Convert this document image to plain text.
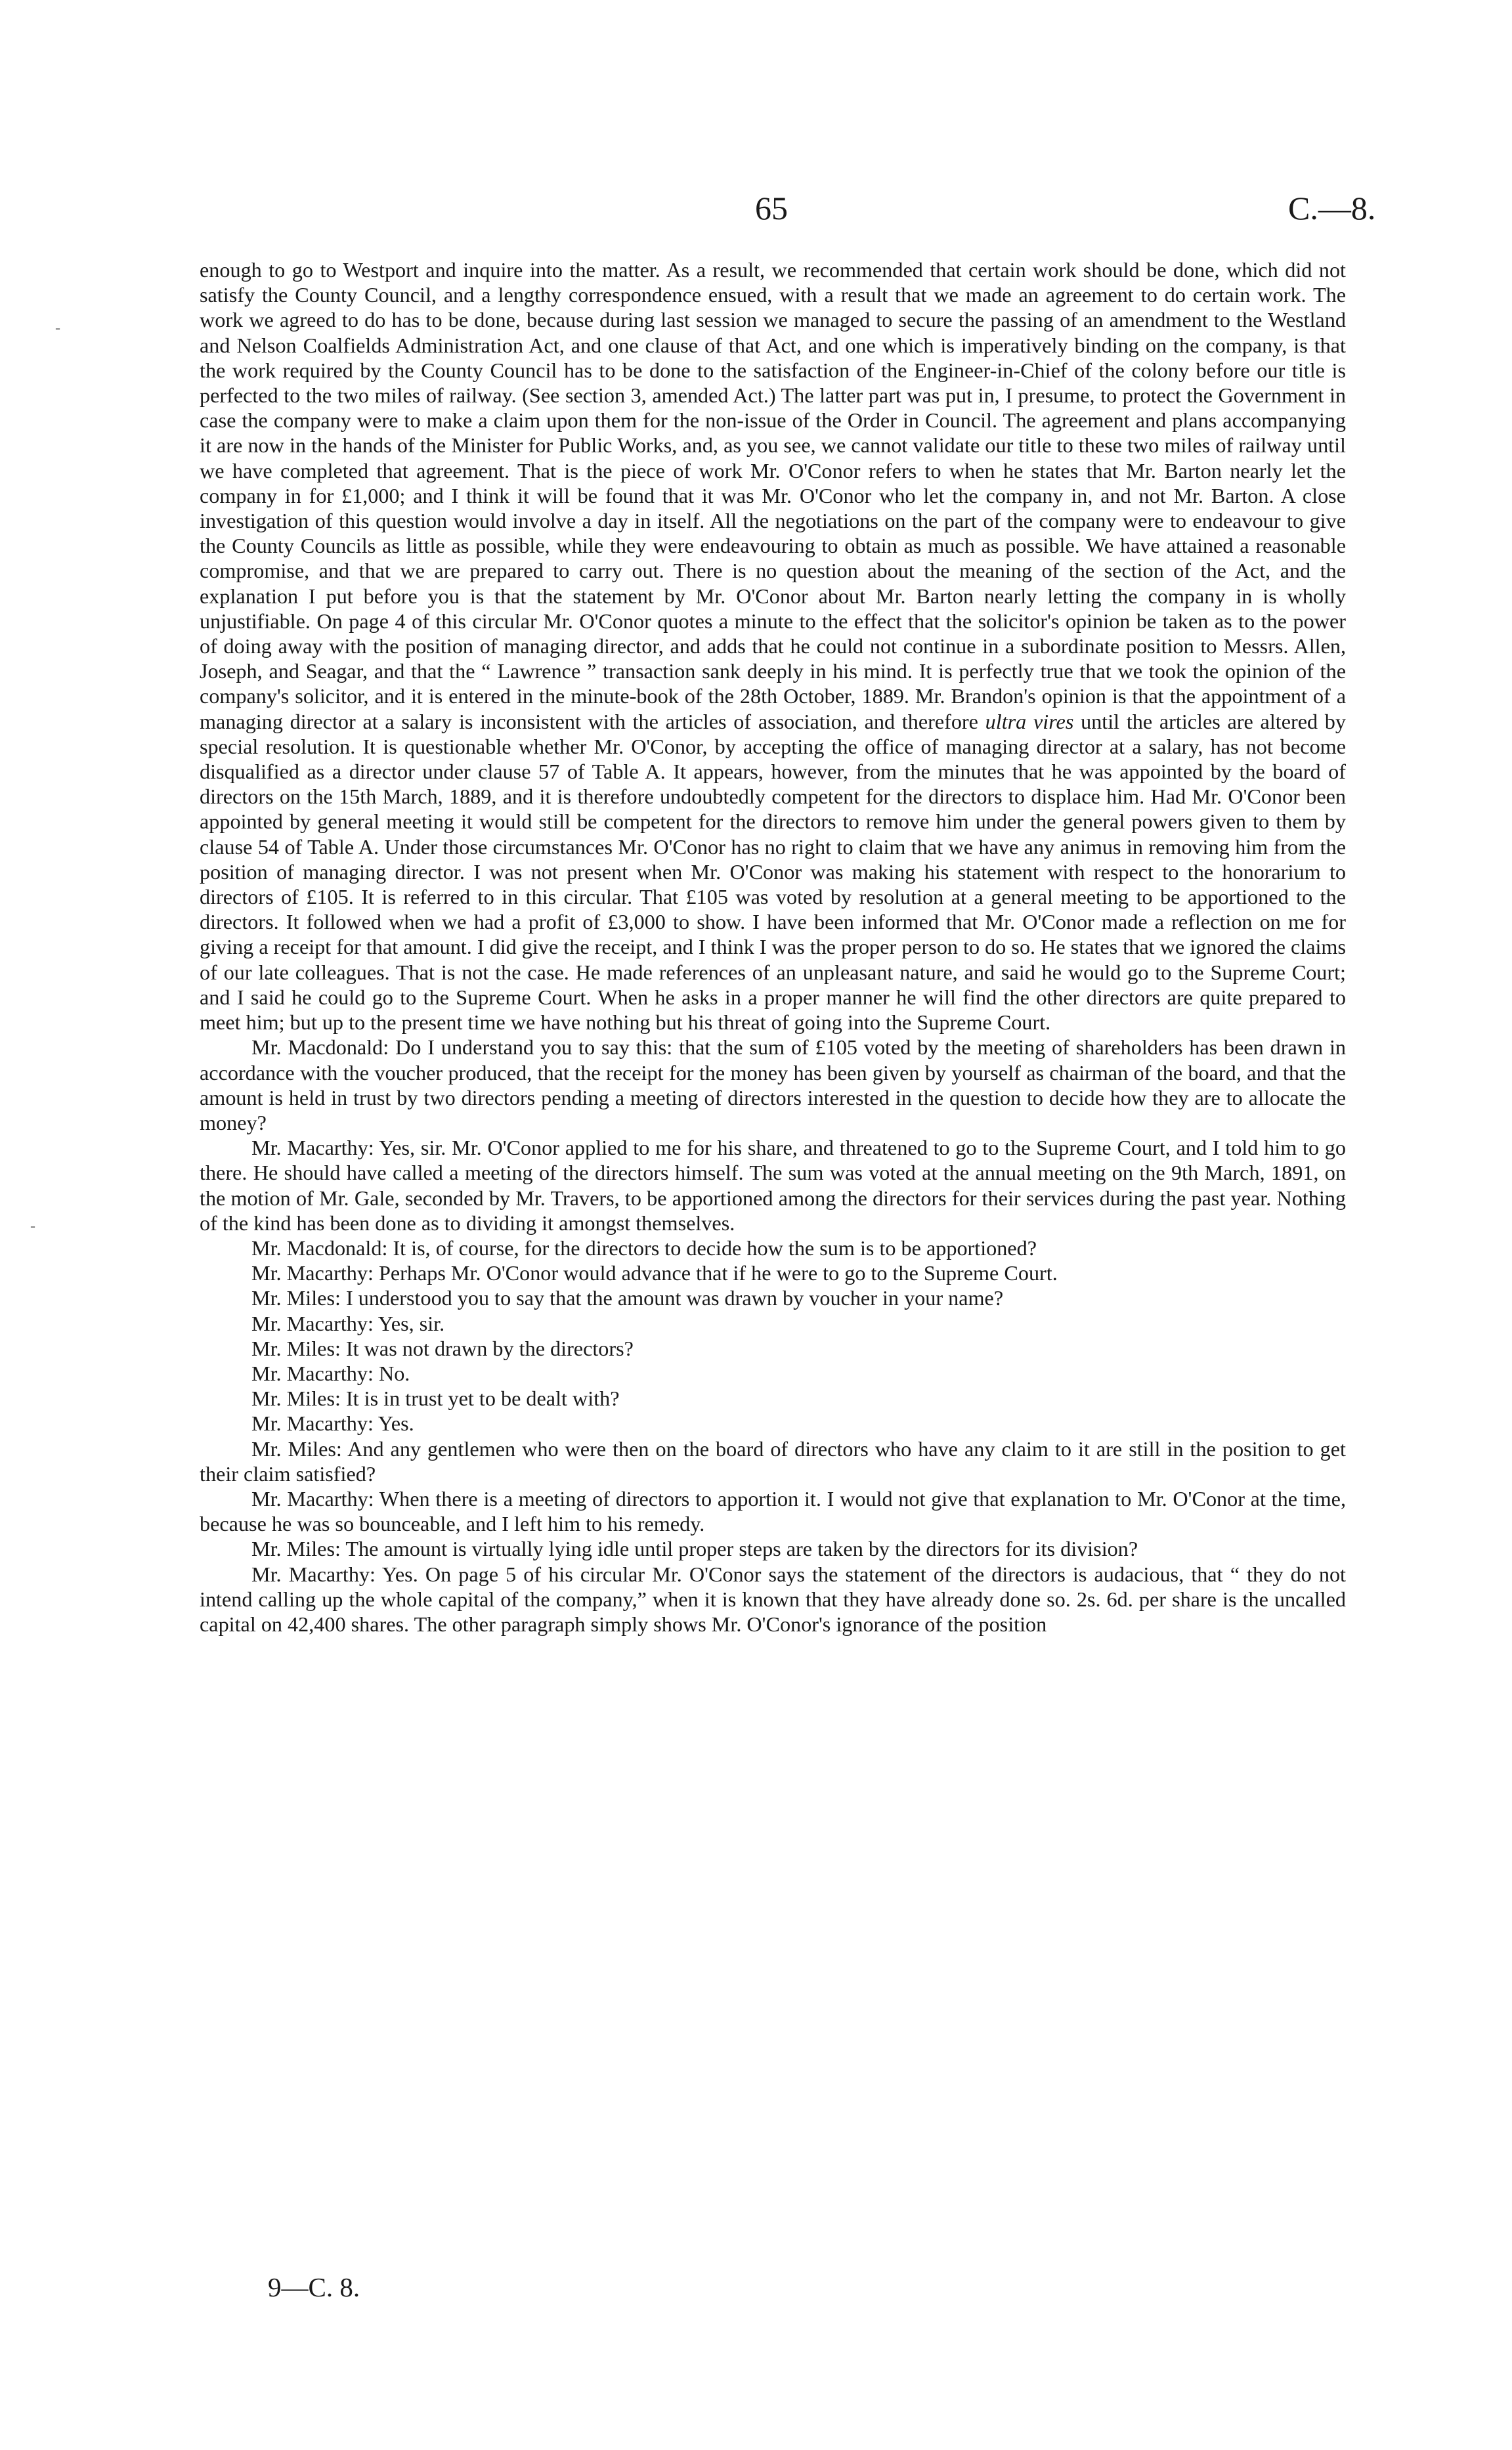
65	C.—8.

enough to go to Westport and inquire into the matter. As a result, we recommended that certain work should be done, which did not satisfy the County Council, and a lengthy correspondence ensued, with a result that we made an agreement to do certain work. The work we agreed to do has to be done, because during last session we managed to secure the passing of an amendment to the Westland and Nelson Coalfields Administration Act, and one clause of that Act, and one which is imperatively binding on the company, is that the work required by the County Council has to be done to the satisfaction of the Engineer-in-Chief of the colony before our title is perfected to the two miles of railway. (See section 3, amended Act.) The latter part was put in, I presume, to protect the Government in case the company were to make a claim upon them for the non-issue of the Order in Council. The agreement and plans accompanying it are now in the hands of the Minister for Public Works, and, as you see, we cannot validate our title to these two miles of railway until we have completed that agreement. That is the piece of work Mr. O'Conor refers to when he states that Mr. Barton nearly let the company in for £1,000; and I think it will be found that it was Mr. O'Conor who let the company in, and not Mr. Barton. A close investigation of this question would involve a day in itself. All the negotiations on the part of the company were to endeavour to give the County Councils as little as possible, while they were endeavouring to obtain as much as possible. We have attained a reasonable compromise, and that we are prepared to carry out. There is no question about the meaning of the section of the Act, and the explanation I put before you is that the statement by Mr. O'Conor about Mr. Barton nearly letting the company in is wholly unjustifiable. On page 4 of this circular Mr. O'Conor quotes a minute to the effect that the solicitor's opinion be taken as to the power of doing away with the position of managing director, and adds that he could not continue in a subordinate position to Messrs. Allen, Joseph, and Seagar, and that the “ Lawrence ” transaction sank deeply in his mind. It is perfectly true that we took the opinion of the company's solicitor, and it is entered in the minute-book of the 28th October, 1889. Mr. Brandon's opinion is that the appointment of a managing director at a salary is inconsistent with the articles of association, and therefore ultra vires until the articles are altered by special resolution. It is questionable whether Mr. O'Conor, by accepting the office of managing director at a salary, has not become disqualified as a director under clause 57 of Table A. It appears, however, from the minutes that he was appointed by the board of directors on the 15th March, 1889, and it is therefore undoubtedly competent for the directors to displace him. Had Mr. O'Conor been appointed by general meeting it would still be competent for the directors to remove him under the general powers given to them by clause 54 of Table A. Under those circumstances Mr. O'Conor has no right to claim that we have any animus in removing him from the position of managing director. I was not present when Mr. O'Conor was making his statement with respect to the honorarium to directors of £105. It is referred to in this circular. That £105 was voted by resolution at a general meeting to be apportioned to the directors. It followed when we had a profit of £3,000 to show. I have been informed that Mr. O'Conor made a reflection on me for giving a receipt for that amount. I did give the receipt, and I think I was the proper person to do so. He states that we ignored the claims of our late colleagues. That is not the case. He made references of an unpleasant nature, and said he would go to the Supreme Court; and I said he could go to the Supreme Court. When he asks in a proper manner he will find the other directors are quite prepared to meet him; but up to the present time we have nothing but his threat of going into the Supreme Court.

Mr. Macdonald: Do I understand you to say this: that the sum of £105 voted by the meeting of shareholders has been drawn in accordance with the voucher produced, that the receipt for the money has been given by yourself as chairman of the board, and that the amount is held in trust by two directors pending a meeting of directors interested in the question to decide how they are to allocate the money?

Mr. Macarthy: Yes, sir. Mr. O'Conor applied to me for his share, and threatened to go to the Supreme Court, and I told him to go there. He should have called a meeting of the directors himself. The sum was voted at the annual meeting on the 9th March, 1891, on the motion of Mr. Gale, seconded by Mr. Travers, to be apportioned among the directors for their services during the past year. Nothing of the kind has been done as to dividing it amongst themselves.

Mr. Macdonald: It is, of course, for the directors to decide how the sum is to be apportioned?

Mr. Macarthy: Perhaps Mr. O'Conor would advance that if he were to go to the Supreme Court.

Mr. Miles: I understood you to say that the amount was drawn by voucher in your name?

Mr. Macarthy: Yes, sir.

Mr. Miles: It was not drawn by the directors?

Mr. Macarthy: No.

Mr. Miles: It is in trust yet to be dealt with?

Mr. Macarthy: Yes.

Mr. Miles: And any gentlemen who were then on the board of directors who have any claim to it are still in the position to get their claim satisfied?

Mr. Macarthy: When there is a meeting of directors to apportion it. I would not give that explanation to Mr. O'Conor at the time, because he was so bounceable, and I left him to his remedy.

Mr. Miles: The amount is virtually lying idle until proper steps are taken by the directors for its division?

Mr. Macarthy: Yes. On page 5 of his circular Mr. O'Conor says the statement of the directors is audacious, that “ they do not intend calling up the whole capital of the company,” when it is known that they have already done so. 2s. 6d. per share is the uncalled capital on 42,400 shares. The other paragraph simply shows Mr. O'Conor's ignorance of the position

9—C. 8.
-
-
